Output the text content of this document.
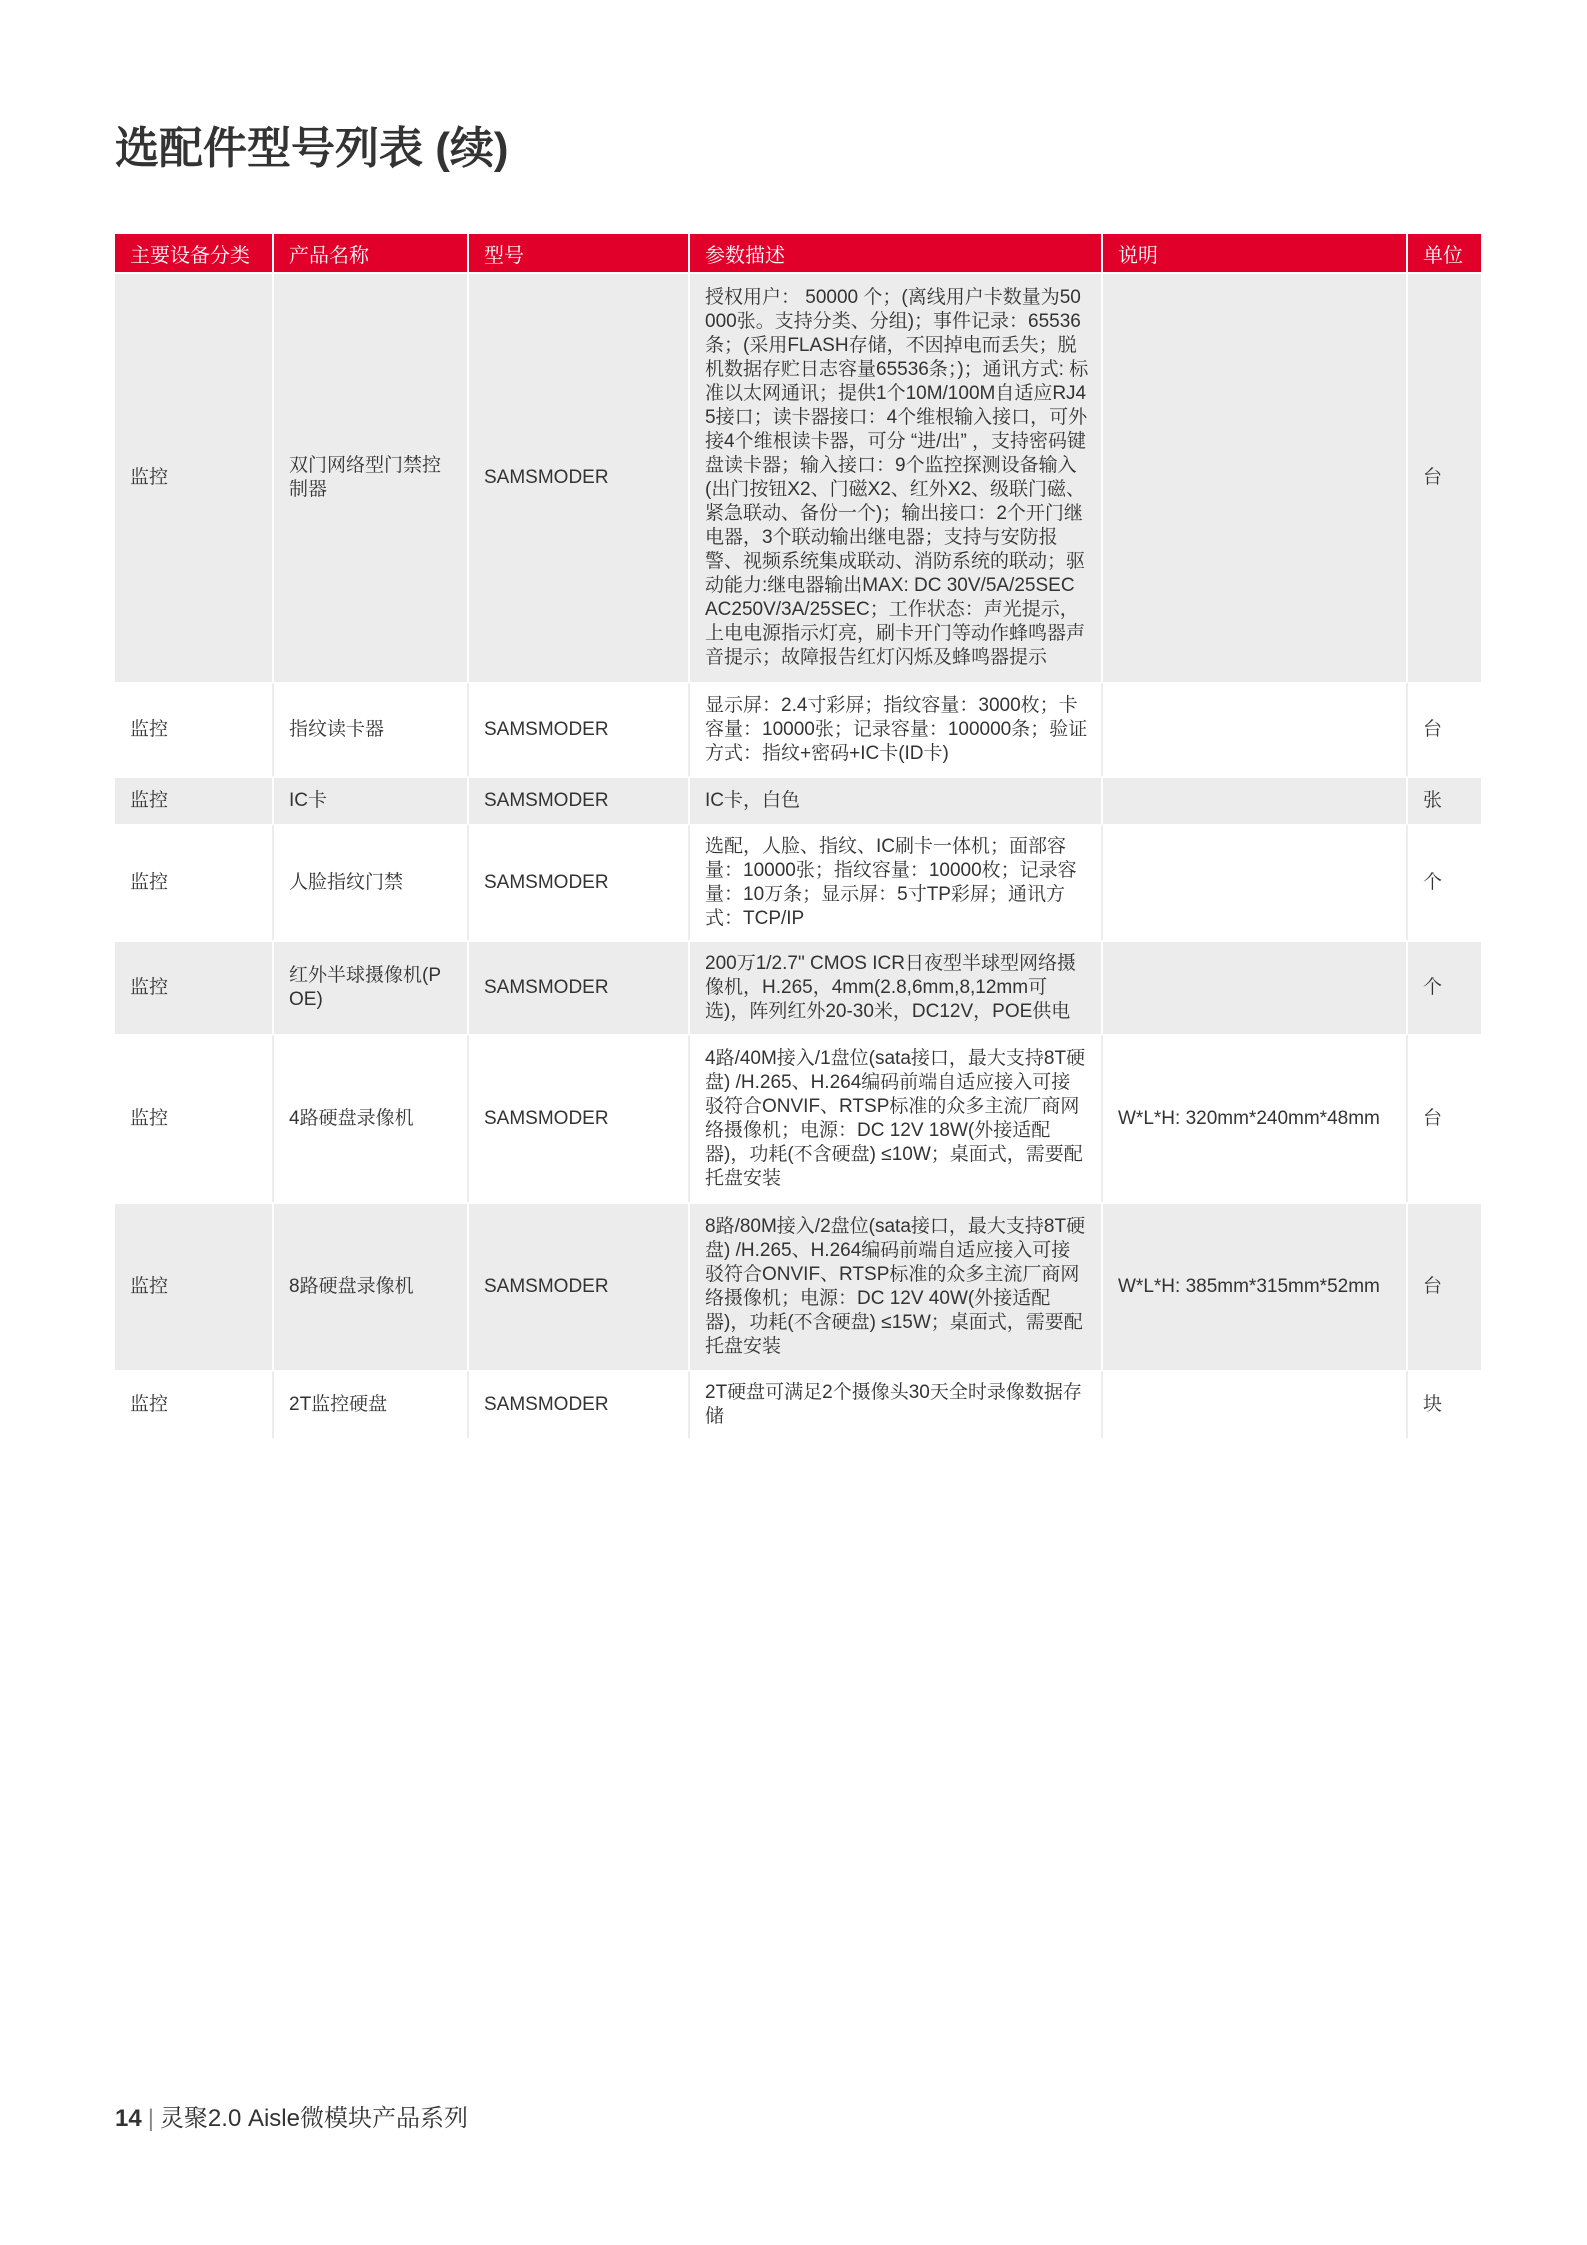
选配件型号列表 (续)
主要设备分类	产品名称	型号	参数描述	说明	单位
监控	双门网络型门禁控制器	SAMSMODER	授权用户： 50000 个；(离线用户卡数量为50000张。支持分类、分组)；事件记录：65536条；(采用FLASH存储，不因掉电而丢失；脱机数据存贮日志容量65536条；)；通讯方式: 标准以太网通讯；提供1个10M/100M自适应RJ45接口；读卡器接口：4个维根输入接口，可外接4个维根读卡器，可分 “进/出” ，支持密码键盘读卡器；输入接口：9个监控探测设备输入(出门按钮X2、门磁X2、红外X2、级联门磁、紧急联动、备份一个)；输出接口：2个开门继电器，3个联动输出继电器；支持与安防报警、视频系统集成联动、消防系统的联动；驱动能力:继电器输出MAX: DC 30V/5A/25SEC AC250V/3A/25SEC；工作状态：声光提示，上电电源指示灯亮，刷卡开门等动作蜂鸣器声音提示；故障报告红灯闪烁及蜂鸣器提示		台
监控	指纹读卡器	SAMSMODER	显示屏：2.4寸彩屏；指纹容量：3000枚；卡容量：10000张；记录容量：100000条；验证方式：指纹+密码+IC卡(ID卡)		台
监控	IC卡	SAMSMODER	IC卡，白色		张
监控	人脸指纹门禁	SAMSMODER	选配，人脸、指纹、IC刷卡一体机；面部容量：10000张；指纹容量：10000枚；记录容量：10万条；显示屏：5寸TP彩屏；通讯方式：TCP/IP		个
监控	红外半球摄像机(POE)	SAMSMODER	200万1/2.7" CMOS ICR日夜型半球型网络摄像机，H.265，4mm(2.8,6mm,8,12mm可选)，阵列红外20-30米，DC12V，POE供电		个
监控	4路硬盘录像机	SAMSMODER	4路/40M接入/1盘位(sata接口，最大支持8T硬盘) /H.265、H.264编码前端自适应接入可接驳符合ONVIF、RTSP标准的众多主流厂商网络摄像机；电源：DC 12V 18W(外接适配器)，功耗(不含硬盘) ≤10W；桌面式，需要配托盘安装	W*L*H: 320mm*240mm*48mm	台
监控	8路硬盘录像机	SAMSMODER	8路/80M接入/2盘位(sata接口，最大支持8T硬盘) /H.265、H.264编码前端自适应接入可接驳符合ONVIF、RTSP标准的众多主流厂商网络摄像机；电源：DC 12V 40W(外接适配器)，功耗(不含硬盘) ≤15W；桌面式，需要配托盘安装	W*L*H: 385mm*315mm*52mm	台
监控	2T监控硬盘	SAMSMODER	2T硬盘可满足2个摄像头30天全时录像数据存储		块
14 | 灵聚2.0 Aisle微模块产品系列
